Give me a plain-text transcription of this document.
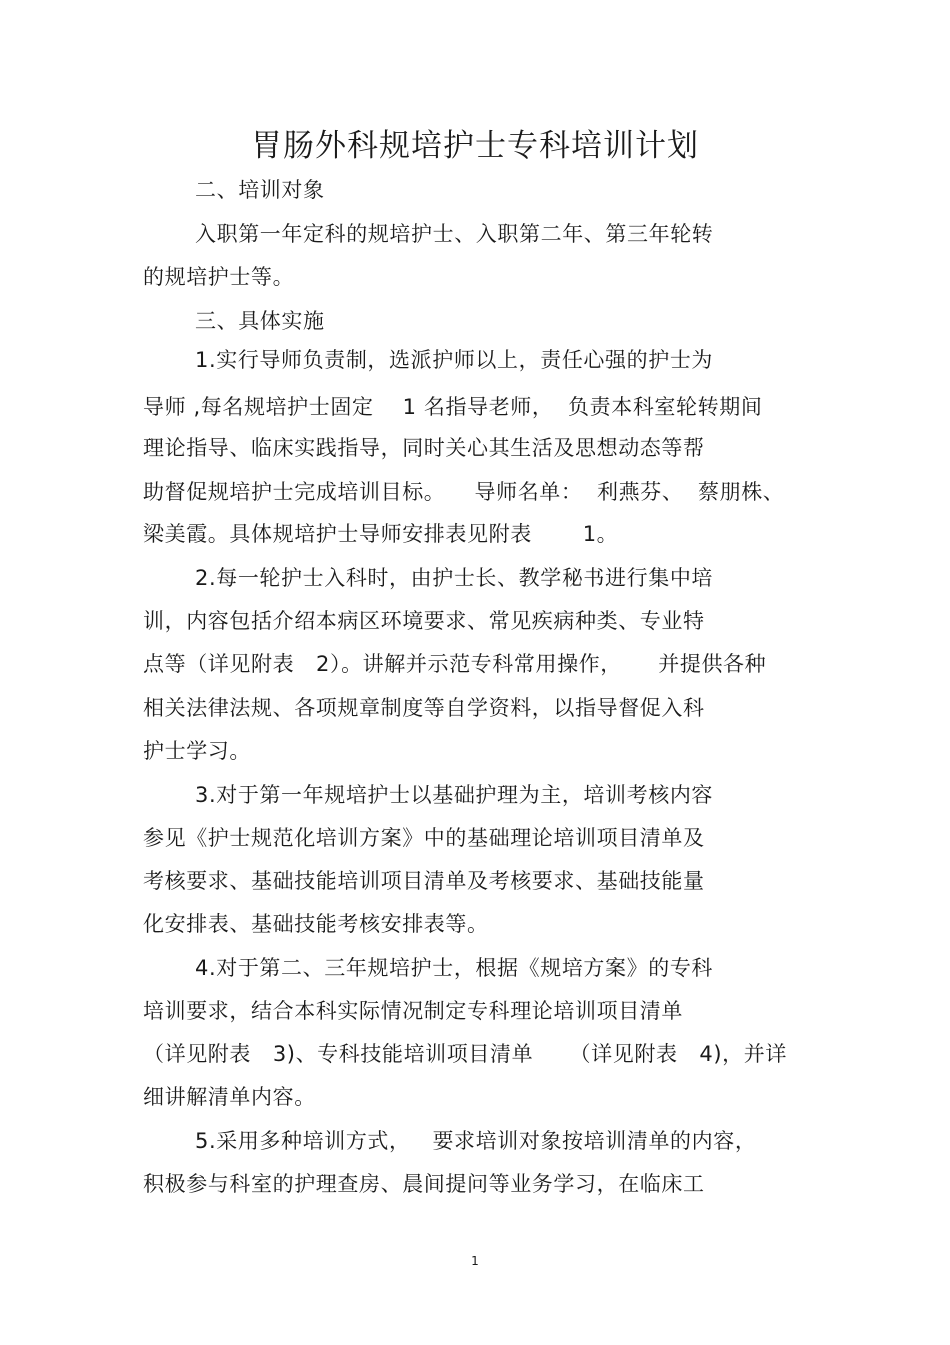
胃肠外科规培护士专科培训计划
二、培训对象
入职第一年定科的规培护士、入职第二年、第三年轮转
的规培护士等。
三、具体实施
1.实行导师负责制，选派护师以上，责任心强的护士为
导师 ,每名规培护士固定    1 名指导老师，  负责本科室轮转期间
理论指导、临床实践指导，同时关心其生活及思想动态等帮
助督促规培护士完成培训目标。    导师名单：  利燕芬、  蔡朋株、
梁美霞。具体规培护士导师安排表见附表       1。
2.每一轮护士入科时，由护士长、教学秘书进行集中培
训，内容包括介绍本病区环境要求、常见疾病种类、专业特
点等（详见附表   2）。讲解并示范专科常用操作，     并提供各种
相关法律法规、各项规章制度等自学资料，以指导督促入科
护士学习。
3.对于第一年规培护士以基础护理为主，培训考核内容
参见《护士规范化培训方案》中的基础理论培训项目清单及
考核要求、基础技能培训项目清单及考核要求、基础技能量
化安排表、基础技能考核安排表等。
4.对于第二、三年规培护士，根据《规培方案》的专科
培训要求，结合本科实际情况制定专科理论培训项目清单
（详见附表   3)、专科技能培训项目清单     （详见附表   4)，并详
细讲解清单内容。
5.采用多种培训方式，   要求培训对象按培训清单的内容，
积极参与科室的护理查房、晨间提问等业务学习，在临床工
1
